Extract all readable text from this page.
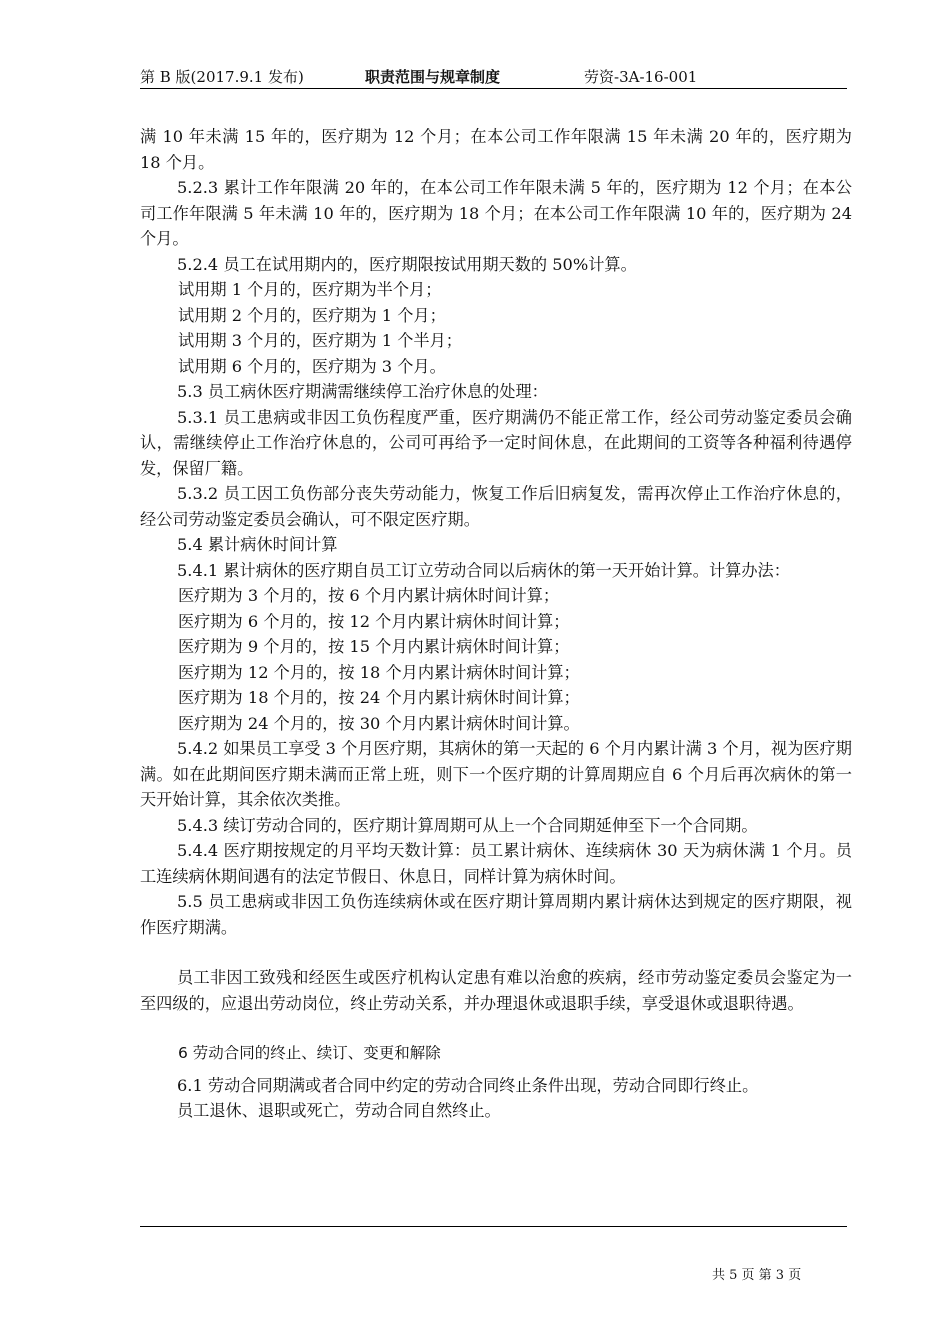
第 B 版(2017.9.1 发布)	职责范围与规章制度	劳资-3A-16-001

满 10 年未满 15 年的，医疗期为 12 个月；在本公司工作年限满 15 年未满 20 年的，医疗期为 18 个月。

5.2.3 累计工作年限满 20 年的，在本公司工作年限未满 5 年的，医疗期为 12 个月；在本公司工作年限满 5 年未满 10 年的，医疗期为 18 个月；在本公司工作年限满 10 年的，医疗期为 24 个月。

5.2.4 员工在试用期内的，医疗期限按试用期天数的 50%计算。

试用期 1 个月的，医疗期为半个月；

试用期 2 个月的，医疗期为 1 个月；

试用期 3 个月的，医疗期为 1 个半月；

试用期 6 个月的，医疗期为 3 个月。

5.3 员工病休医疗期满需继续停工治疗休息的处理：

5.3.1 员工患病或非因工负伤程度严重，医疗期满仍不能正常工作，经公司劳动鉴定委员会确认，需继续停止工作治疗休息的，公司可再给予一定时间休息，在此期间的工资等各种福利待遇停发，保留厂籍。

5.3.2 员工因工负伤部分丧失劳动能力，恢复工作后旧病复发，需再次停止工作治疗休息的，经公司劳动鉴定委员会确认，可不限定医疗期。

5.4 累计病休时间计算

5.4.1 累计病休的医疗期自员工订立劳动合同以后病休的第一天开始计算。计算办法：

医疗期为 3 个月的，按 6 个月内累计病休时间计算；

医疗期为 6 个月的，按 12 个月内累计病休时间计算；

医疗期为 9 个月的，按 15 个月内累计病休时间计算；

医疗期为 12 个月的，按 18 个月内累计病休时间计算；

医疗期为 18 个月的，按 24 个月内累计病休时间计算；

医疗期为 24 个月的，按 30 个月内累计病休时间计算。

5.4.2 如果员工享受 3 个月医疗期，其病休的第一天起的 6 个月内累计满 3 个月，视为医疗期满。如在此期间医疗期未满而正常上班，则下一个医疗期的计算周期应自 6 个月后再次病休的第一天开始计算，其余依次类推。

5.4.3 续订劳动合同的，医疗期计算周期可从上一个合同期延伸至下一个合同期。

5.4.4 医疗期按规定的月平均天数计算：员工累计病休、连续病休 30 天为病休满 1 个月。员工连续病休期间遇有的法定节假日、休息日，同样计算为病休时间。

5.5 员工患病或非因工负伤连续病休或在医疗期计算周期内累计病休达到规定的医疗期限，视作医疗期满。

员工非因工致残和经医生或医疗机构认定患有难以治愈的疾病，经市劳动鉴定委员会鉴定为一至四级的，应退出劳动岗位，终止劳动关系，并办理退休或退职手续，享受退休或退职待遇。

6 劳动合同的终止、续订、变更和解除

6.1 劳动合同期满或者合同中约定的劳动合同终止条件出现，劳动合同即行终止。

员工退休、退职或死亡，劳动合同自然终止。

共 5 页 第 3 页
